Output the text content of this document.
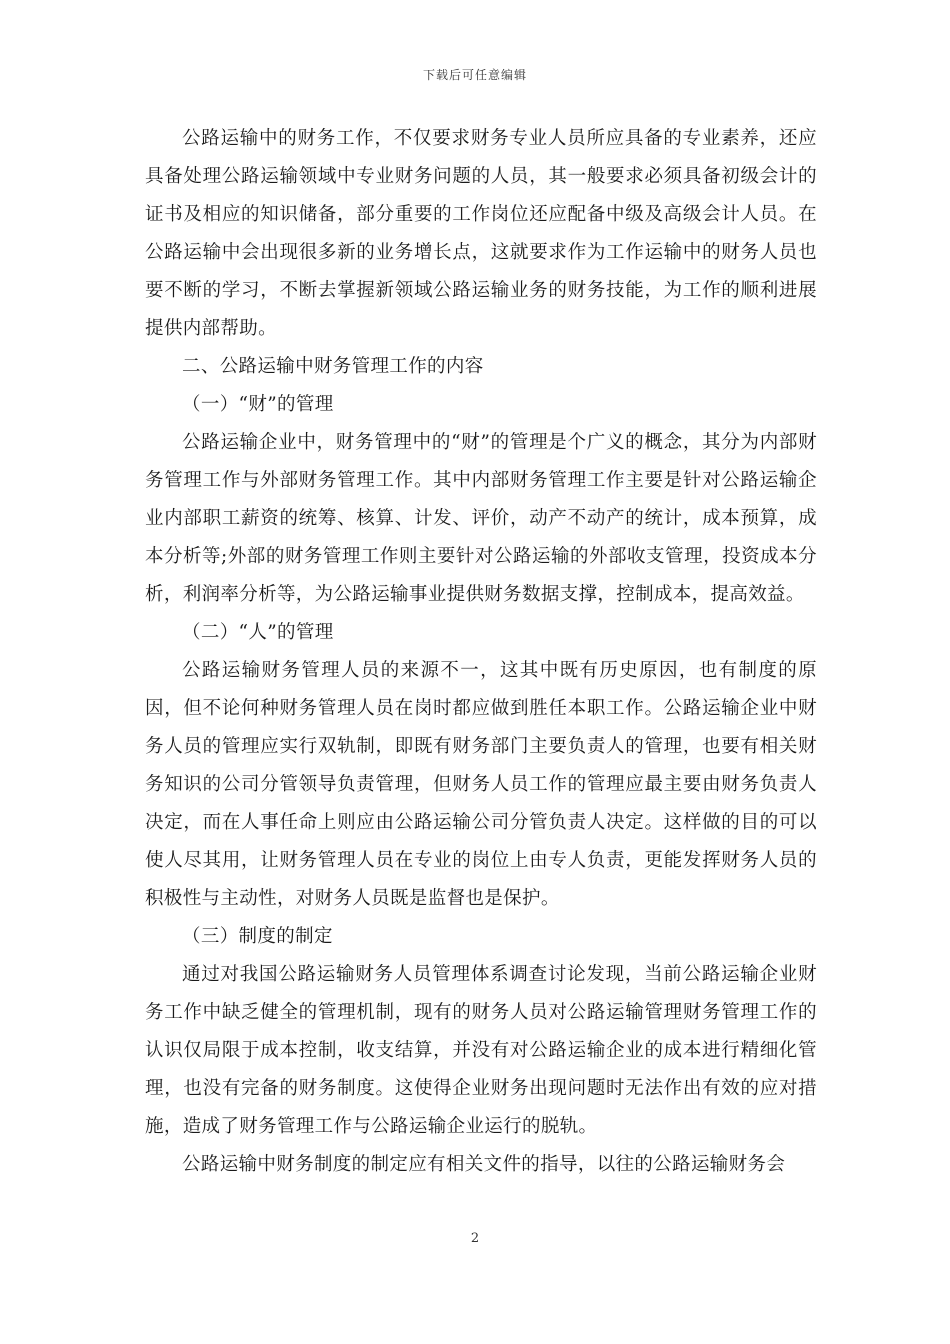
下载后可任意编辑

公路运输中的财务工作，不仅要求财务专业人员所应具备的专业素养，还应具备处理公路运输领域中专业财务问题的人员，其一般要求必须具备初级会计的证书及相应的知识储备，部分重要的工作岗位还应配备中级及高级会计人员。在公路运输中会出现很多新的业务增长点，这就要求作为工作运输中的财务人员也要不断的学习，不断去掌握新领域公路运输业务的财务技能，为工作的顺利进展提供内部帮助。

二、公路运输中财务管理工作的内容

（一）“财”的管理

公路运输企业中，财务管理中的“财”的管理是个广义的概念，其分为内部财务管理工作与外部财务管理工作。其中内部财务管理工作主要是针对公路运输企业内部职工薪资的统筹、核算、计发、评价，动产不动产的统计，成本预算，成本分析等;外部的财务管理工作则主要针对公路运输的外部收支管理，投资成本分析，利润率分析等，为公路运输事业提供财务数据支撑，控制成本，提高效益。

（二）“人”的管理

公路运输财务管理人员的来源不一，这其中既有历史原因，也有制度的原因，但不论何种财务管理人员在岗时都应做到胜任本职工作。公路运输企业中财务人员的管理应实行双轨制，即既有财务部门主要负责人的管理，也要有相关财务知识的公司分管领导负责管理，但财务人员工作的管理应最主要由财务负责人决定，而在人事任命上则应由公路运输公司分管负责人决定。这样做的目的可以使人尽其用，让财务管理人员在专业的岗位上由专人负责，更能发挥财务人员的积极性与主动性，对财务人员既是监督也是保护。

（三）制度的制定

通过对我国公路运输财务人员管理体系调查讨论发现，当前公路运输企业财务工作中缺乏健全的管理机制，现有的财务人员对公路运输管理财务管理工作的认识仅局限于成本控制，收支结算，并没有对公路运输企业的成本进行精细化管理，也没有完备的财务制度。这使得企业财务出现问题时无法作出有效的应对措施，造成了财务管理工作与公路运输企业运行的脱轨。

公路运输中财务制度的制定应有相关文件的指导，以往的公路运输财务会

2
